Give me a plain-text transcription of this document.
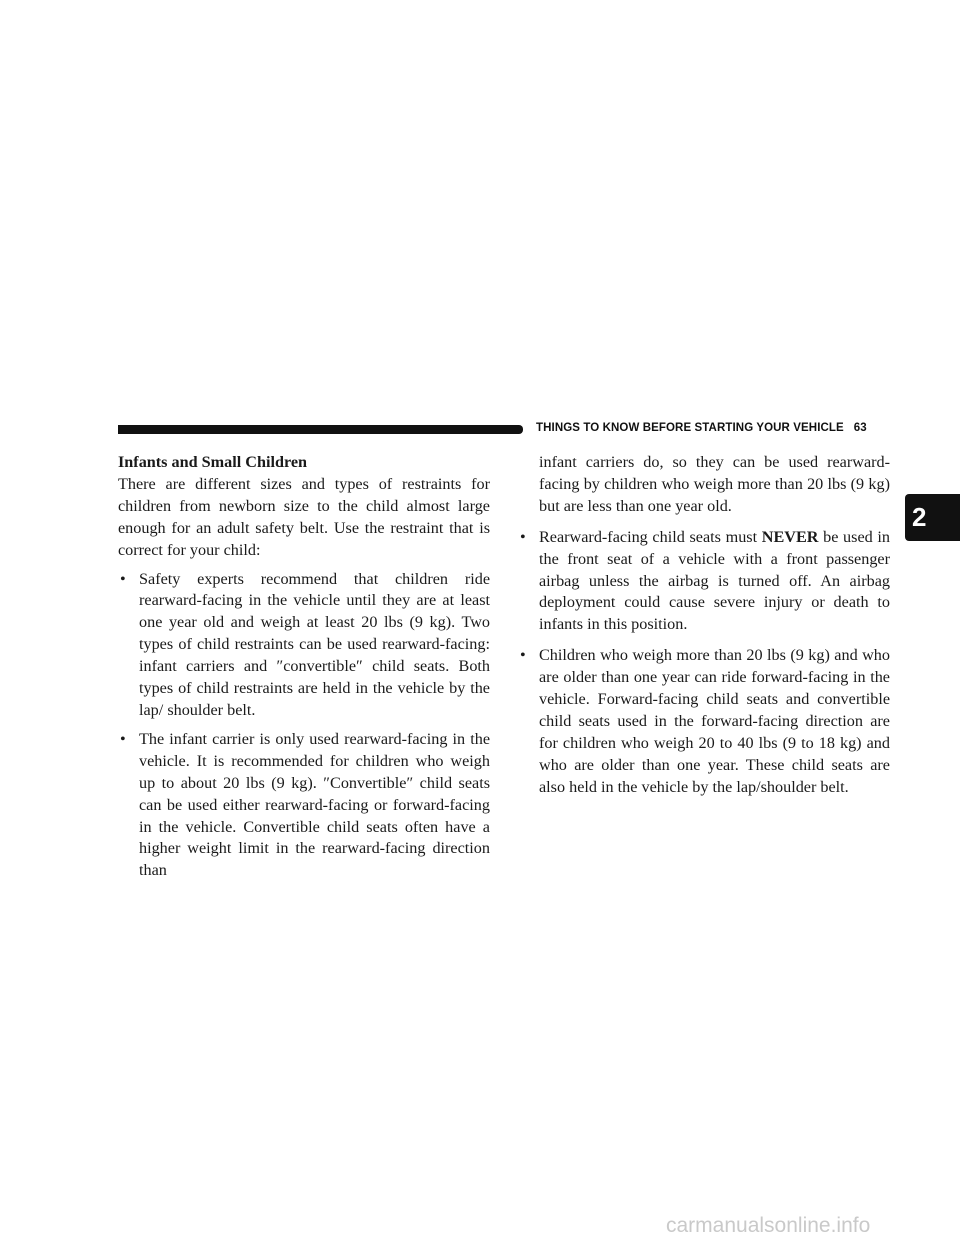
THINGS TO KNOW BEFORE STARTING YOUR VEHICLE 63

Infants and Small Children

There are different sizes and types of restraints for children from newborn size to the child almost large enough for an adult safety belt. Use the restraint that is correct for your child:

• Safety experts recommend that children ride rearward-facing in the vehicle until they are at least one year old and weigh at least 20 lbs (9 kg). Two types of child restraints can be used rearward-facing: infant carriers and ″convertible″ child seats. Both types of child restraints are held in the vehicle by the lap/ shoulder belt.

• The infant carrier is only used rearward-facing in the vehicle. It is recommended for children who weigh up to about 20 lbs (9 kg). ″Convertible″ child seats can be used either rearward-facing or forward-facing in the vehicle. Convertible child seats often have a higher weight limit in the rearward-facing direction than

infant carriers do, so they can be used rearward-facing by children who weigh more than 20 lbs (9 kg) but are less than one year old.

• Rearward-facing child seats must NEVER be used in the front seat of a vehicle with a front passenger airbag unless the airbag is turned off. An airbag deployment could cause severe injury or death to infants in this position.

• Children who weigh more than 20 lbs (9 kg) and who are older than one year can ride forward-facing in the vehicle. Forward-facing child seats and convertible child seats used in the forward-facing direction are for children who weigh 20 to 40 lbs (9 to 18 kg) and who are older than one year. These child seats are also held in the vehicle by the lap/shoulder belt.

2
carmanualsonline.info
